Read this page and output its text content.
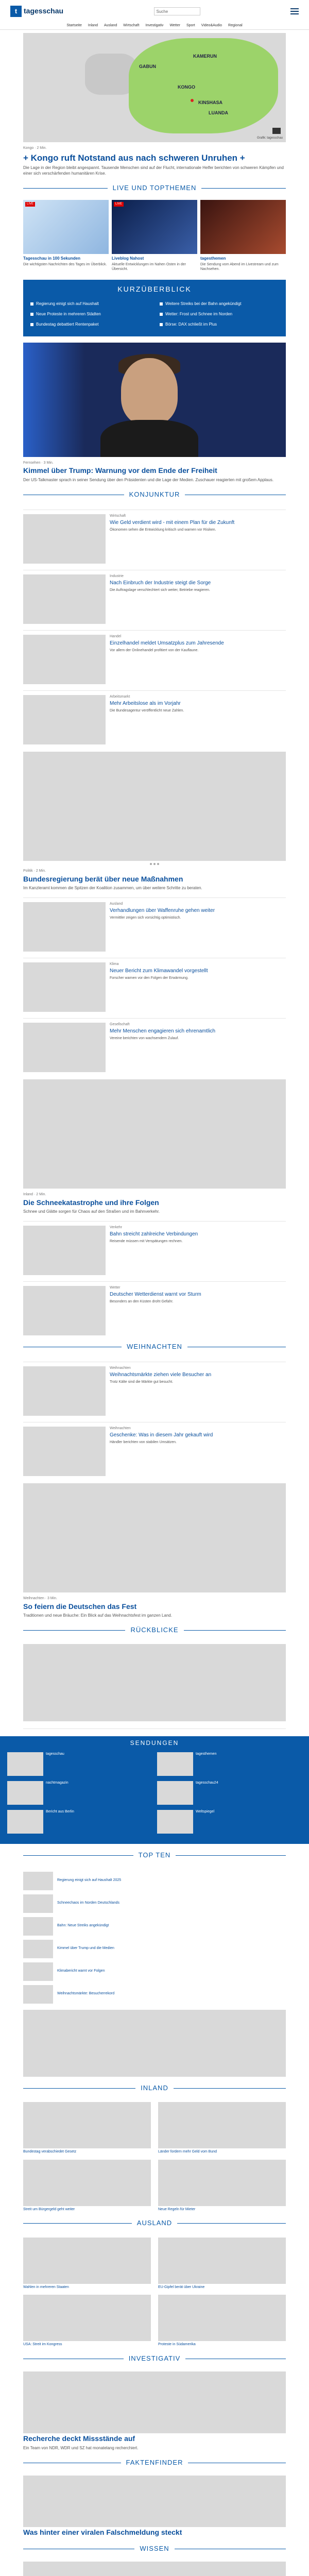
t tagesschau	Suche
Startseite Inland Ausland Wirtschaft Investigativ Wetter Sport Video&Audio Regional
KAMERUN
KONGO
GABUN
KINSHASA
LUANDA
Grafik: tagesschau
Kongo · 2 Min.
+ Kongo ruft Notstand aus nach schweren Unruhen +

Die Lage in der Region bleibt angespannt. Tausende Menschen sind auf der Flucht, internationale Helfer berichten von schweren Kämpfen und einer sich verschärfenden humanitären Krise.

LIVE UND TOPTHEMEN
LIVE
Tagesschau in 100 Sekunden
Die wichtigsten Nachrichten des Tages im Überblick.
LIVE
Liveblog Nahost
Aktuelle Entwicklungen im Nahen Osten in der Übersicht.
tagesthemen
Die Sendung vom Abend im Livestream und zum Nachsehen.
KURZÜBERBLICK
Regierung einigt sich auf Haushalt	Weitere Streiks bei der Bahn angekündigt
Neue Proteste in mehreren Städten	Wetter: Frost und Schnee im Norden
Bundestag debattiert Rentenpaket	Börse: DAX schließt im Plus
Fernsehen · 3 Min.
Kimmel über Trump: Warnung vor dem Ende der Freiheit

Der US-Talkmaster sprach in seiner Sendung über den Präsidenten und die Lage der Medien. Zuschauer reagierten mit großem Applaus.

KONJUNKTUR
Wirtschaft
Wie Geld verdient wird - mit einem Plan für die Zukunft
Ökonomen sehen die Entwicklung kritisch und warnen vor Risiken.
Industrie
Nach Einbruch der Industrie steigt die Sorge
Die Auftragslage verschlechtert sich weiter, Betriebe reagieren.
Handel
Einzelhandel meldet Umsatzplus zum Jahresende
Vor allem der Onlinehandel profitiert von der Kauflaune.
Arbeitsmarkt
Mehr Arbeitslose als im Vorjahr
Die Bundesagentur veröffentlicht neue Zahlen.
Politik · 2 Min.
Bundesregierung berät über neue Maßnahmen

Im Kanzleramt kommen die Spitzen der Koalition zusammen, um über weitere Schritte zu beraten.

Ausland
Verhandlungen über Waffenruhe gehen weiter
Vermittler zeigen sich vorsichtig optimistisch.
Klima
Neuer Bericht zum Klimawandel vorgestellt
Forscher warnen vor den Folgen der Erwärmung.
Gesellschaft
Mehr Menschen engagieren sich ehrenamtlich
Vereine berichten von wachsendem Zulauf.
Inland · 2 Min.
Die Schneekatastrophe und ihre Folgen

Schnee und Glätte sorgen für Chaos auf den Straßen und im Bahnverkehr.

Verkehr
Bahn streicht zahlreiche Verbindungen
Reisende müssen mit Verspätungen rechnen.
Wetter
Deutscher Wetterdienst warnt vor Sturm
Besonders an den Küsten droht Gefahr.
WEIHNACHTEN
Weihnachten
Weihnachtsmärkte ziehen viele Besucher an
Trotz Kälte sind die Märkte gut besucht.
Weihnachten
Geschenke: Was in diesem Jahr gekauft wird
Händler berichten von stabilen Umsätzen.
Weihnachten · 3 Min.
So feiern die Deutschen das Fest

Traditionen und neue Bräuche: Ein Blick auf das Weihnachtsfest im ganzen Land.

RÜCKBLICKE
SENDUNGEN
tagesschau	tagesthemen
nachtmagazin	tagesschau24
Bericht aus Berlin	Weltspiegel
TOP TEN
Regierung einigt sich auf Haushalt 2025
Schneechaos im Norden Deutschlands
Bahn: Neue Streiks angekündigt
Kimmel über Trump und die Medien
Klimabericht warnt vor Folgen
Weihnachtsmärkte: Besucherrekord
INLAND
Bundestag verabschiedet Gesetz	Länder fordern mehr Geld vom Bund
Streit um Bürgergeld geht weiter	Neue Regeln für Mieter
AUSLAND
Wahlen in mehreren Staaten	EU-Gipfel berät über Ukraine
USA: Streit im Kongress	Proteste in Südamerika
INVESTIGATIV
Recherche deckt Missstände auf

Ein Team von NDR, WDR und SZ hat monatelang recherchiert.

FAKTENFINDER
Was hinter einer viralen Falschmeldung steckt
WISSEN
